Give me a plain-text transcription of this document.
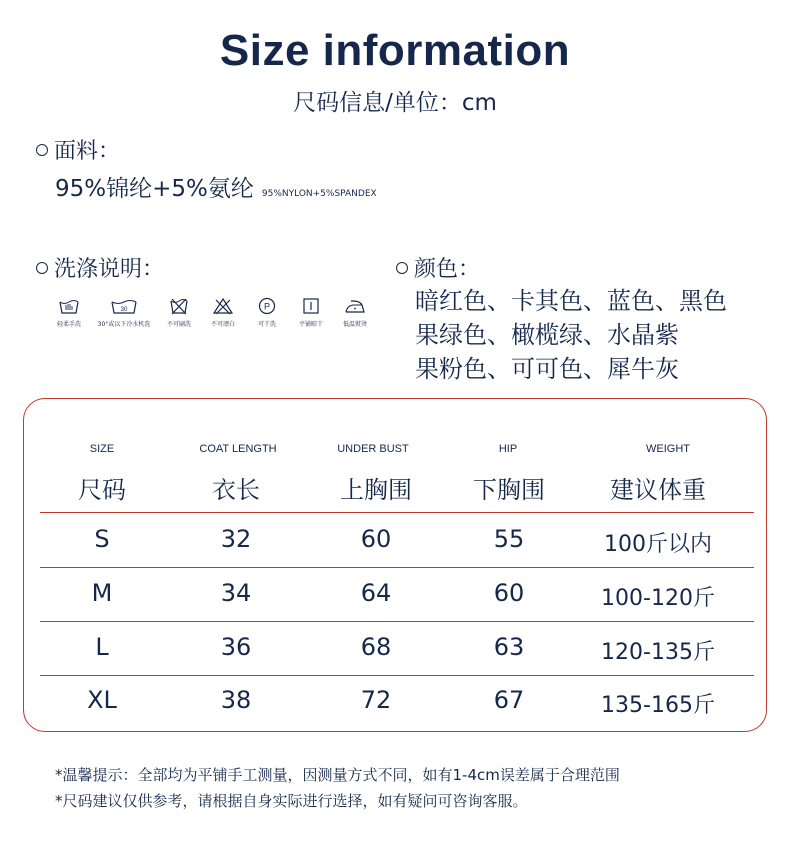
Size information
尺码信息/单位：cm
面料：
95%锦纶+5%氨纶 95%NYLON+5%SPANDEX
洗涤说明：
轻柔手洗
30
30°或以下冷水机洗	不可刷洗	不可漂白
P
可干洗	平铺晾干	低温熨烫
颜色：
暗红色、卡其色、蓝色、黑色
果绿色、橄榄绿、水晶紫
果粉色、可可色、犀牛灰
SIZE	COAT LENGTH	UNDER BUST	HIP	WEIGHT
尺码	衣长	上胸围	下胸围	建议体重
S	32	60	55	100斤以内
M	34	64	60	100-120斤
L	36	68	63	120-135斤
XL	38	72	67	135-165斤
*温馨提示：全部均为平铺手工测量，因测量方式不同，如有1-4cm误差属于合理范围
*尺码建议仅供参考，请根据自身实际进行选择，如有疑问可咨询客服。
